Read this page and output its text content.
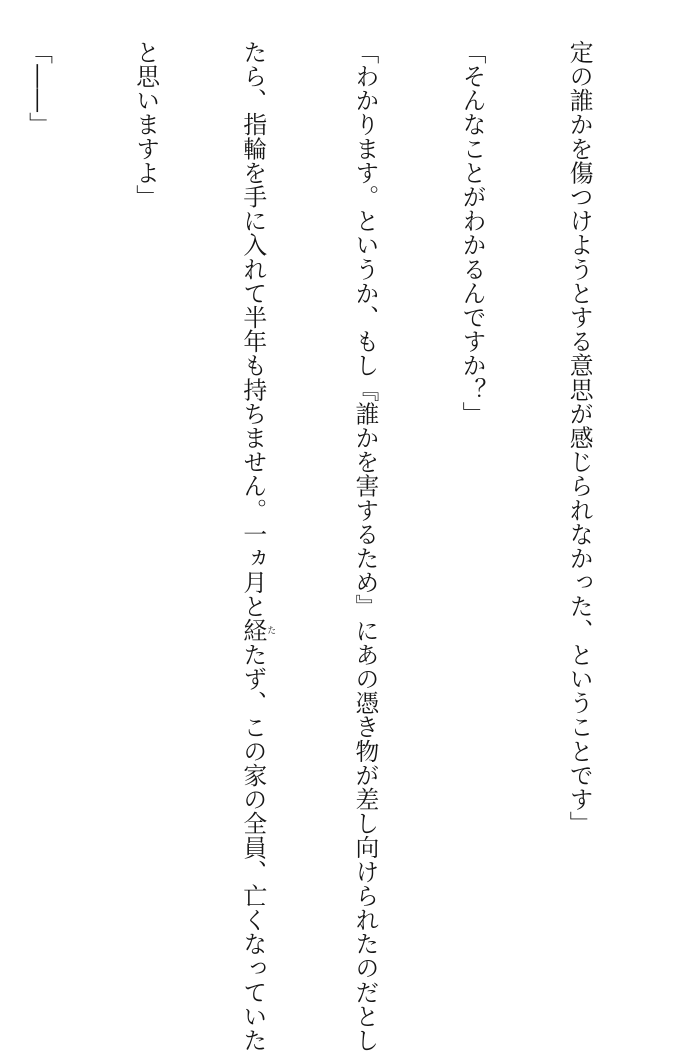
定の誰かを傷つけようとする意思が感じられなかった、ということです」

「そんなことがわかるんですか？」

「わかります。というか、もし『誰かを害するため』にあの憑き物が差し向けられたのだとし

たら、指輪を手に入れて半年も持ちません。一ヵ月と経たたず、この家の全員、亡くなっていた

と思いますよ」

「――」
